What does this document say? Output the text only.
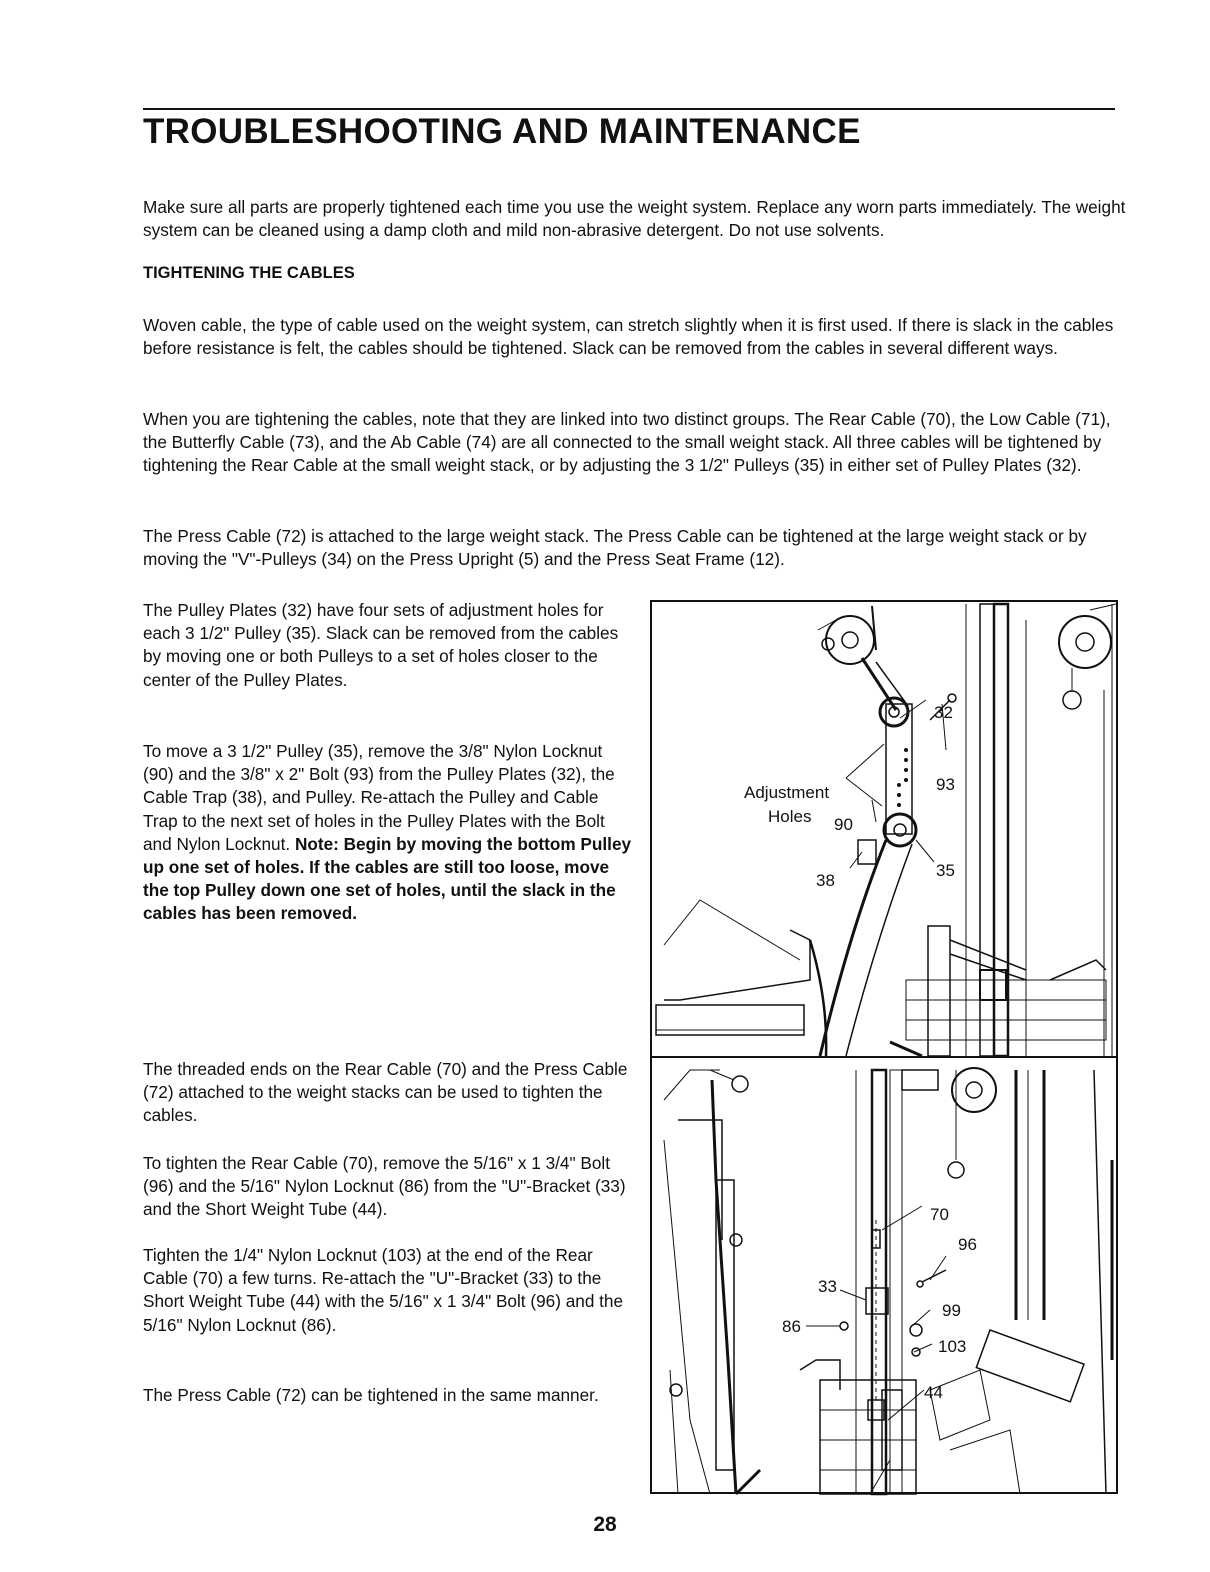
TROUBLESHOOTING AND MAINTENANCE

Make sure all parts are properly tightened each time you use the weight system. Replace any worn parts immediately. The weight system can be cleaned using a damp cloth and mild non-abrasive detergent. Do not use solvents.

TIGHTENING THE CABLES

Woven cable, the type of cable used on the weight system, can stretch slightly when it is first used. If there is slack in the cables before resistance is felt, the cables should be tightened. Slack can be removed from the cables in several different ways.

When you are tightening the cables, note that they are linked into two distinct groups. The Rear Cable (70), the Low Cable (71), the Butterfly Cable (73), and the Ab Cable (74) are all connected to the small weight stack. All three cables will be tightened by tightening the Rear Cable at the small weight stack, or by adjusting the 3 1/2" Pulleys (35) in either set of Pulley Plates (32).

The Press Cable (72) is attached to the large weight stack. The Press Cable can be tightened at the large weight stack or by moving the "V"-Pulleys (34) on the Press Upright (5) and the Press Seat Frame (12).

The Pulley Plates (32) have four sets of adjustment holes for each 3 1/2" Pulley (35). Slack can be removed from the cables by moving one or both Pulleys to a set of holes closer to the center of the Pulley Plates.

To move a 3 1/2" Pulley (35), remove the 3/8" Nylon Locknut (90) and the 3/8" x 2" Bolt (93) from the Pulley Plates (32), the Cable Trap (38), and Pulley. Re-attach the Pulley and Cable Trap to the next set of holes in the Pulley Plates with the Bolt and Nylon Locknut. Note: Begin by moving the bottom Pulley up one set of holes. If the cables are still too loose, move the top Pulley down one set of holes, until the slack in the cables has been removed.

The threaded ends on the Rear Cable (70) and the Press Cable (72) attached to the weight stacks can be used to tighten the cables.

To tighten the Rear Cable (70), remove the 5/16" x 1 3/4" Bolt (96) and the 5/16" Nylon Locknut (86) from the "U"-Bracket (33) and the Short Weight Tube (44).

Tighten the 1/4" Nylon Locknut (103) at the end of the Rear Cable (70) a few turns. Re-attach the "U"-Bracket (33) to the Short Weight Tube (44) with the 5/16" x 1 3/4" Bolt (96) and the 5/16" Nylon Locknut (86).

The Press Cable (72) can be tightened in the same manner.

Adjustment
Holes
32
93
90
38
35
70
96
33
99
86
103
44

28
